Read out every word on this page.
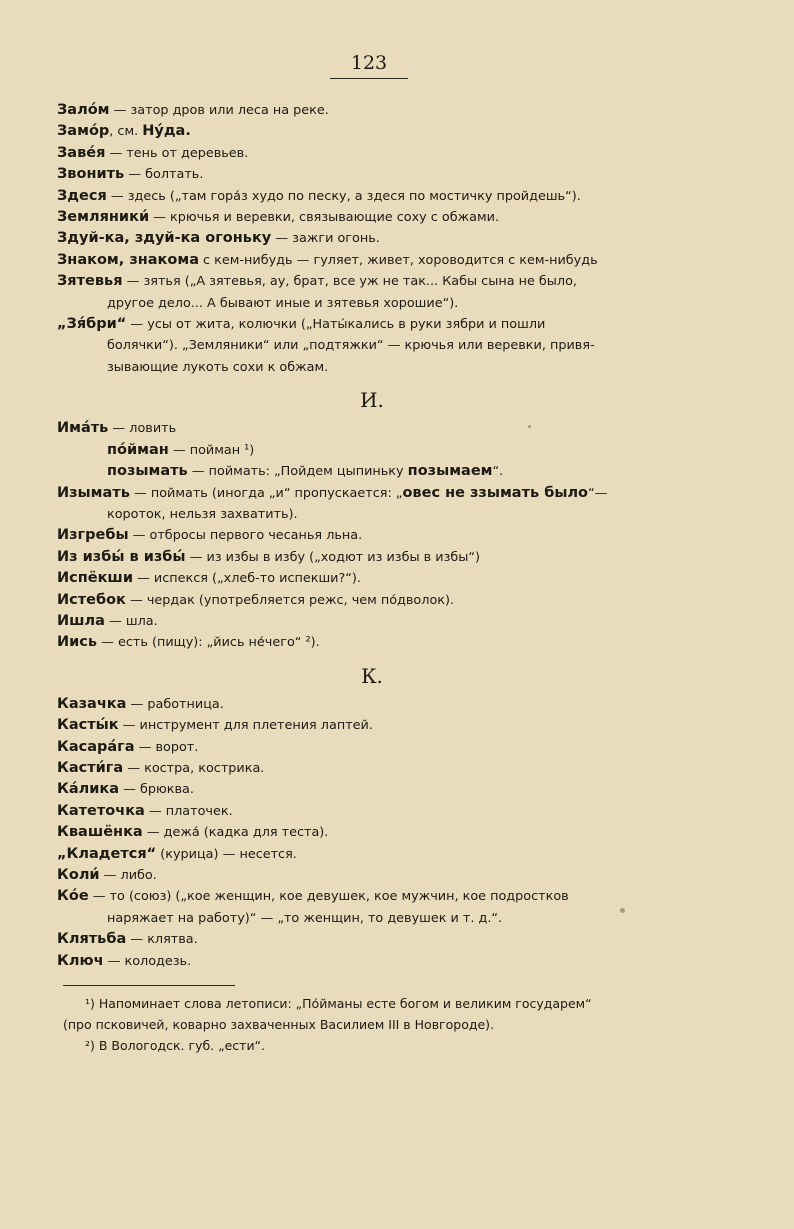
123
Зало́м — затор дров или леса на реке.
Замо́р, см. Ну́да.
Заве́я — тень от деревьев.
Звонить — болтать.
Здеся — здесь („там гора́з худо по песку, а здеся по мостичку пройдешь“).
Земляники́ — крючья и веревки, связывающие соху с обжами.
Здуй-ка, здуй-ка огоньку — зажги огонь.
Знаком, знакома с кем-нибудь — гуляет, живет, хороводится с кем-нибудь
Зятевья — зятья („А зятевья, ау, брат, все уж не так... Кабы сына не было,
другое дело... А бывают иные и зятевья хорошие“).
„Зя́бри“ — усы от жита, колючки („Наты́кались в руки зябри и пошли
болячки“). „Земляники“ или „подтяжки“ — крючья или веревки, привя-
зывающие лукоть сохи к обжам.
И.
Има́ть — ловить
по́йман — пойман ¹)
позымать — поймать: „Пойдем цыпиньку позымаем“.
Изымать — поймать (иногда „и“ пропускается: „овес не ззымать было“—
короток, нельзя захватить).
Изгребы — отбросы первого чесанья льна.
Из избы́ в избы́ — из избы в избу („ходют из избы в избы“)
Испёкши — испекся („хлеб-то испекши?“).
Истебок — чердак (употребляется режс, чем по́дволок).
Ишла — шла.
Иись — есть (пищу): „йись не́чего“ ²).
К.
Казачка — работница.
Касты́к — инструмент для плетения лаптей.
Касара́га — ворот.
Касти́га — костра, кострика.
Ка́лика — брюква.
Катеточка — платочек.
Квашёнка — дежа́ (кадка для теста).
„Кладется“ (курица) — несется.
Коли́ — либо.
Ко́е — то (союз) („кое женщин, кое девушек, кое мужчин, кое подростков
наряжает на работу)“ — „то женщин, то девушек и т. д.“.
Клятьба — клятва.
Ключ — колодезь.
¹) Напоминает слова летописи: „По́йманы есте богом и великим государем“
(про псковичей, коварно захваченных Василием III в Новгороде).
²) В Вологодск. губ. „ести“.
